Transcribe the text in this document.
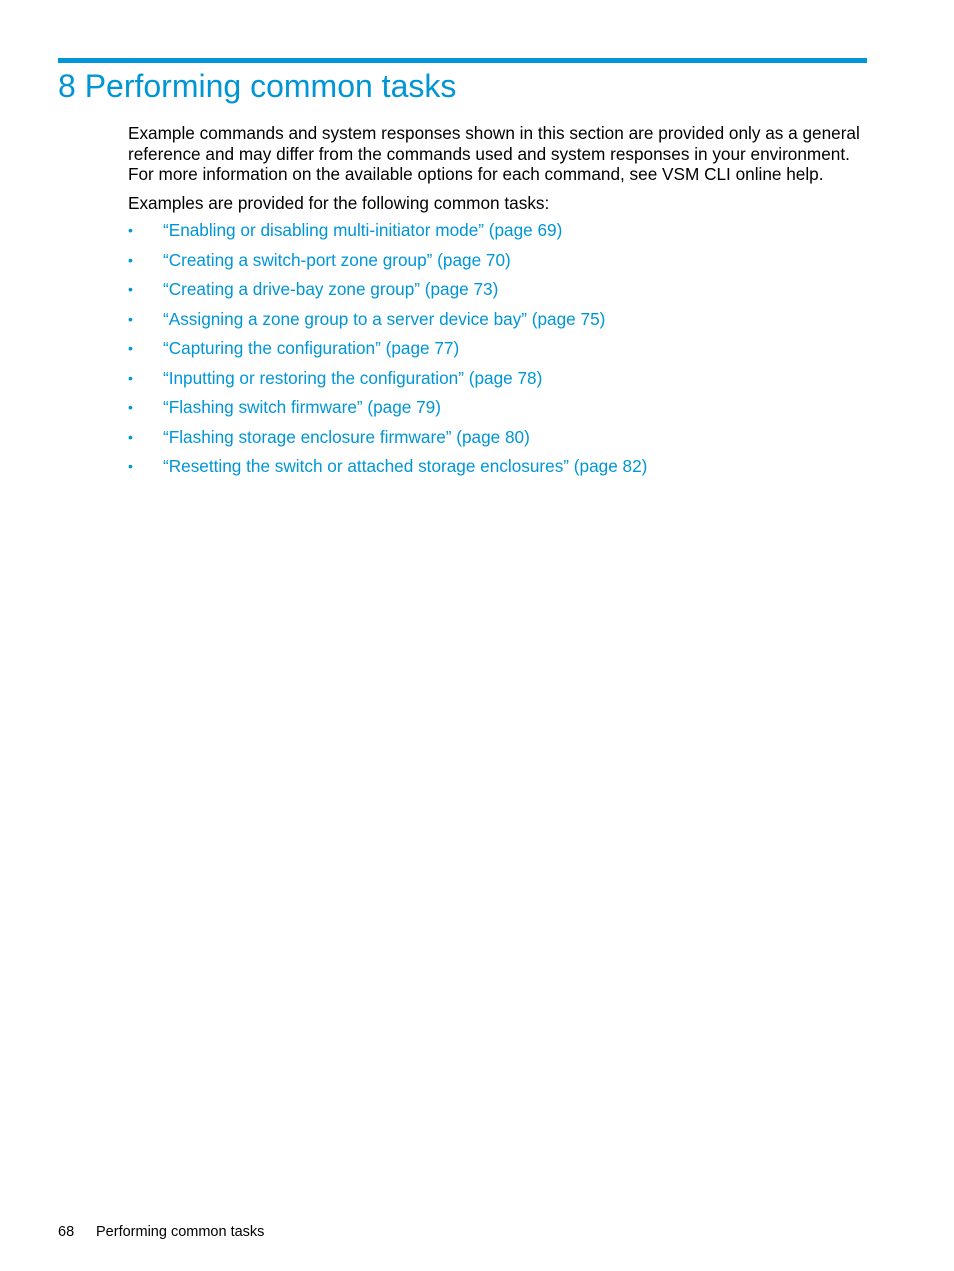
8 Performing common tasks

Example commands and system responses shown in this section are provided only as a general reference and may differ from the commands used and system responses in your environment. For more information on the available options for each command, see VSM CLI online help.

Examples are provided for the following common tasks:

•	“Enabling or disabling multi-initiator mode” (page 69)
•	“Creating a switch-port zone group” (page 70)
•	“Creating a drive-bay zone group” (page 73)
•	“Assigning a zone group to a server device bay” (page 75)
•	“Capturing the configuration” (page 77)
•	“Inputting or restoring the configuration” (page 78)
•	“Flashing switch firmware” (page 79)
•	“Flashing storage enclosure firmware” (page 80)
•	“Resetting the switch or attached storage enclosures” (page 82)
68 Performing common tasks
